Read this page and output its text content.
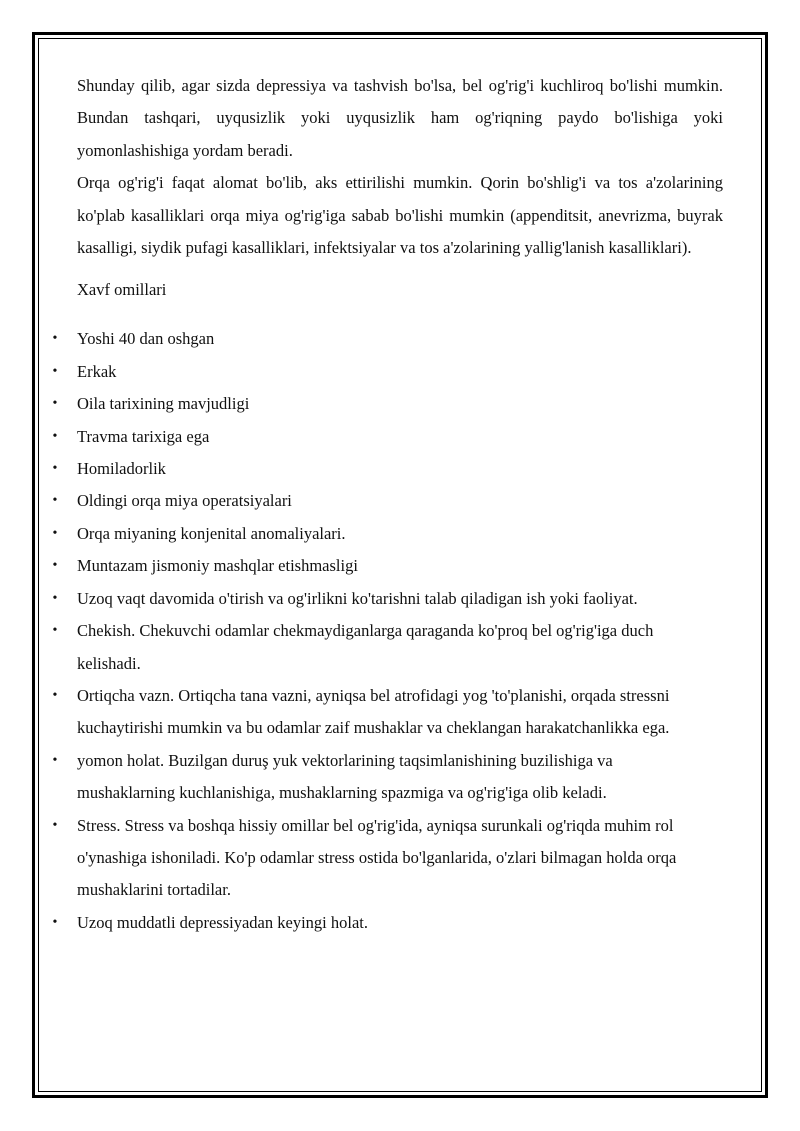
Shunday qilib, agar sizda depressiya va tashvish bo'lsa, bel og'rig'i kuchliroq bo'lishi mumkin. Bundan tashqari, uyqusizlik yoki uyqusizlik ham og'riqning paydo bo'lishiga yoki yomonlashishiga yordam beradi.

Orqa og'rig'i faqat alomat bo'lib, aks ettirilishi mumkin. Qorin bo'shlig'i va tos a'zolarining ko'plab kasalliklari orqa miya og'rig'iga sabab bo'lishi mumkin (appenditsit, anevrizma, buyrak kasalligi, siydik pufagi kasalliklari, infektsiyalar va tos a'zolarining yallig'lanish kasalliklari).

Xavf omillari

• Yoshi 40 dan oshgan
• Erkak
• Oila tarixining mavjudligi
• Travma tarixiga ega
• Homiladorlik
• Oldingi orqa miya operatsiyalari
• Orqa miyaning konjenital anomaliyalari.
• Muntazam jismoniy mashqlar etishmasligi
• Uzoq vaqt davomida o'tirish va og'irlikni ko'tarishni talab qiladigan ish yoki faoliyat.
• Chekish. Chekuvchi odamlar chekmaydiganlarga qaraganda ko'proq bel og'rig'iga duch kelishadi.
• Ortiqcha vazn. Ortiqcha tana vazni, ayniqsa bel atrofidagi yog 'to'planishi, orqada stressni kuchaytirishi mumkin va bu odamlar zaif mushaklar va cheklangan harakatchanlikka ega.
• yomon holat. Buzilgan duruş yuk vektorlarining taqsimlanishining buzilishiga va mushaklarning kuchlanishiga, mushaklarning spazmiga va og'rig'iga olib keladi.
• Stress. Stress va boshqa hissiy omillar bel og'rig'ida, ayniqsa surunkali og'riqda muhim rol o'ynashiga ishoniladi. Ko'p odamlar stress ostida bo'lganlarida, o'zlari bilmagan holda orqa mushaklarini tortadilar.
• Uzoq muddatli depressiyadan keyingi holat.
